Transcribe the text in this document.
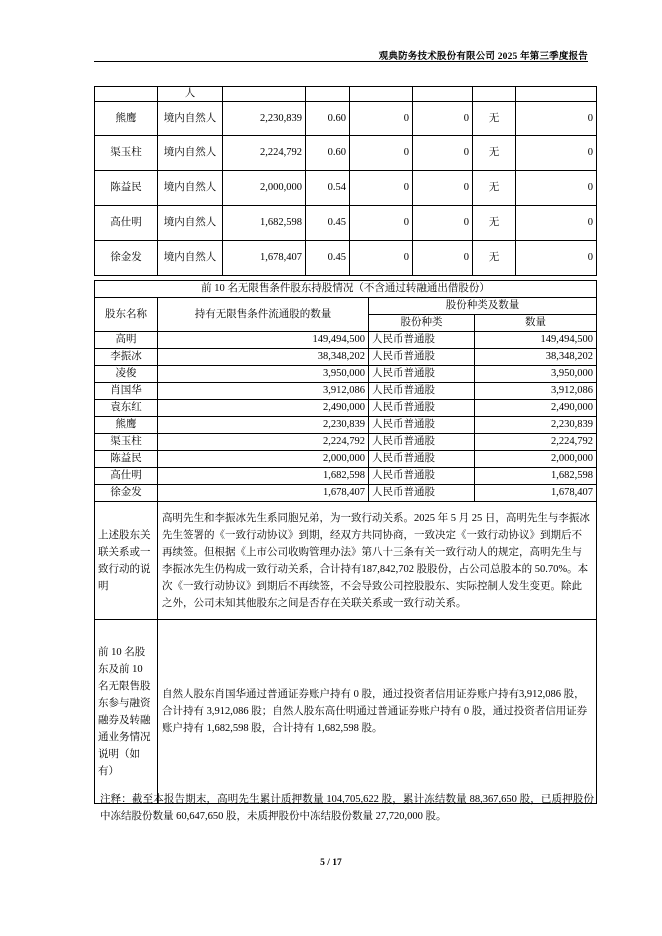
观典防务技术股份有限公司 2025 年第三季度报告
	人						
熊鹰	境内自然人	2,230,839	0.60	0	0	无	0
渠玉柱	境内自然人	2,224,792	0.60	0	0	无	0
陈益民	境内自然人	2,000,000	0.54	0	0	无	0
高仕明	境内自然人	1,682,598	0.45	0	0	无	0
徐金发	境内自然人	1,678,407	0.45	0	0	无	0
前 10 名无限售条件股东持股情况（不含通过转融通出借股份）			
股东名称	持有无限售条件流通股的数量	股份种类及数量	
		股份种类	数量
高明	149,494,500	人民币普通股	149,494,500
李振冰	38,348,202	人民币普通股	38,348,202
凌俊	3,950,000	人民币普通股	3,950,000
肖国华	3,912,086	人民币普通股	3,912,086
袁东红	2,490,000	人民币普通股	2,490,000
熊鹰	2,230,839	人民币普通股	2,230,839
渠玉柱	2,224,792	人民币普通股	2,224,792
陈益民	2,000,000	人民币普通股	2,000,000
高仕明	1,682,598	人民币普通股	1,682,598
徐金发	1,678,407	人民币普通股	1,678,407
上述股东关联关系或一致行动的说明	高明先生和李振冰先生系同胞兄弟，为一致行动关系。2025 年 5 月 25 日，高明先生与李振冰先生签署的《一致行动协议》到期，经双方共同协商，一致决定《一致行动协议》到期后不再续签。但根据《上市公司收购管理办法》第八十三条有关一致行动人的规定，高明先生与李振冰先生仍构成一致行动关系，合计持有187,842,702 股股份，占公司总股本的 50.70%。本次《一致行动协议》到期后不再续签，不会导致公司控股股东、实际控制人发生变更。除此之外，公司未知其他股东之间是否存在关联关系或一致行动关系。		
前 10 名股东及前 10 名无限售股东参与融资融券及转融通业务情况说明（如有）	自然人股东肖国华通过普通证券账户持有 0 股，通过投资者信用证券账户持有3,912,086 股，合计持有 3,912,086 股；自然人股东高仕明通过普通证券账户持有 0 股，通过投资者信用证券账户持有 1,682,598 股，合计持有 1,682,598 股。		
注释：截至本报告期末，高明先生累计质押数量 104,705,622 股，累计冻结数量 88,367,650 股，已质押股份中冻结股份数量 60,647,650 股，未质押股份中冻结股份数量 27,720,000 股。
5 / 17
